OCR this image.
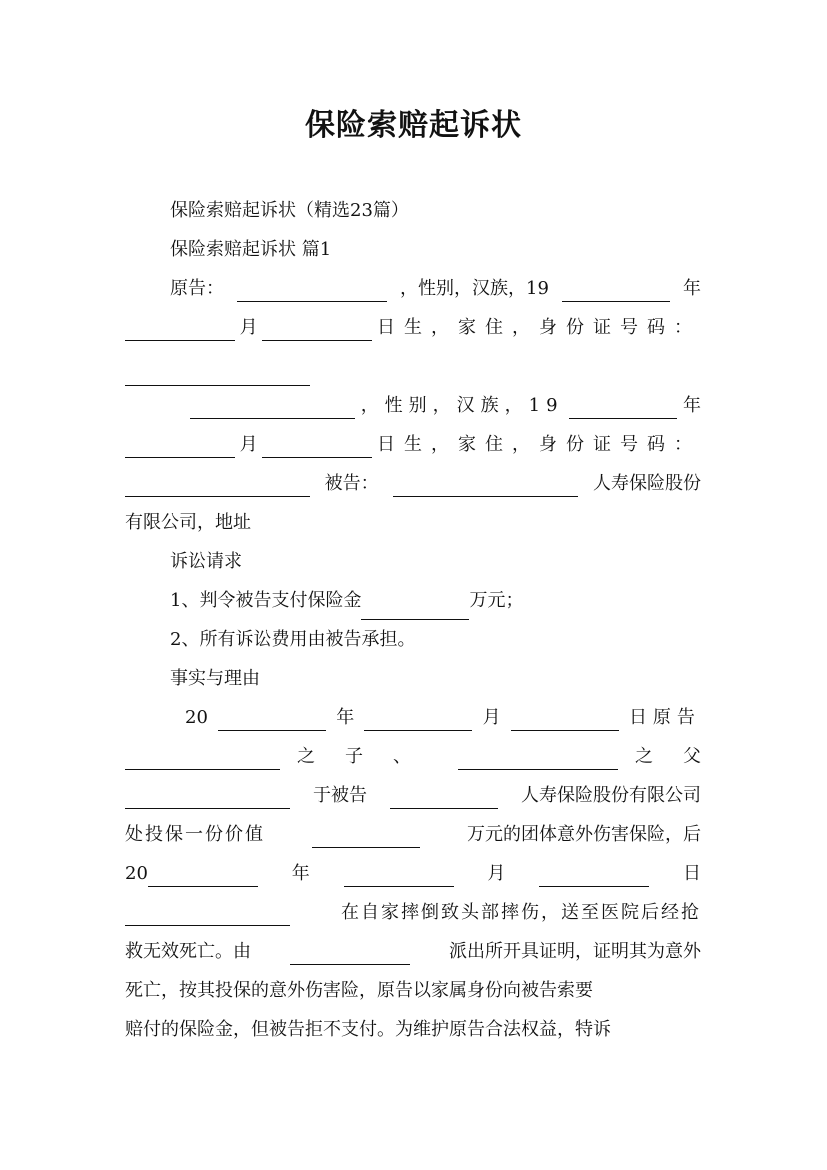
保险索赔起诉状
保险索赔起诉状（精选23篇）
保险索赔起诉状 篇1
原告：	，性别，汉族，19	年
月	日生，家住，身份证号码：
，性别，汉族，19	年
月	日生，家住，身份证号码：
被告：	人寿保险股份
有限公司，地址
诉讼请求
1、判令被告支付保险金	万元；
2、所有诉讼费用由被告承担。
事实与理由
20	年	月	日原告
之子、	之父
于被告	人寿保险股份有限公司
处投保一份价值	万元的团体意外伤害保险，后
20	年	月	日
在自家摔倒致头部摔伤，送至医院后经抢
救无效死亡。由	派出所开具证明，证明其为意外
死亡，按其投保的意外伤害险，原告以家属身份向被告索要
赔付的保险金，但被告拒不支付。为维护原告合法权益，特诉
